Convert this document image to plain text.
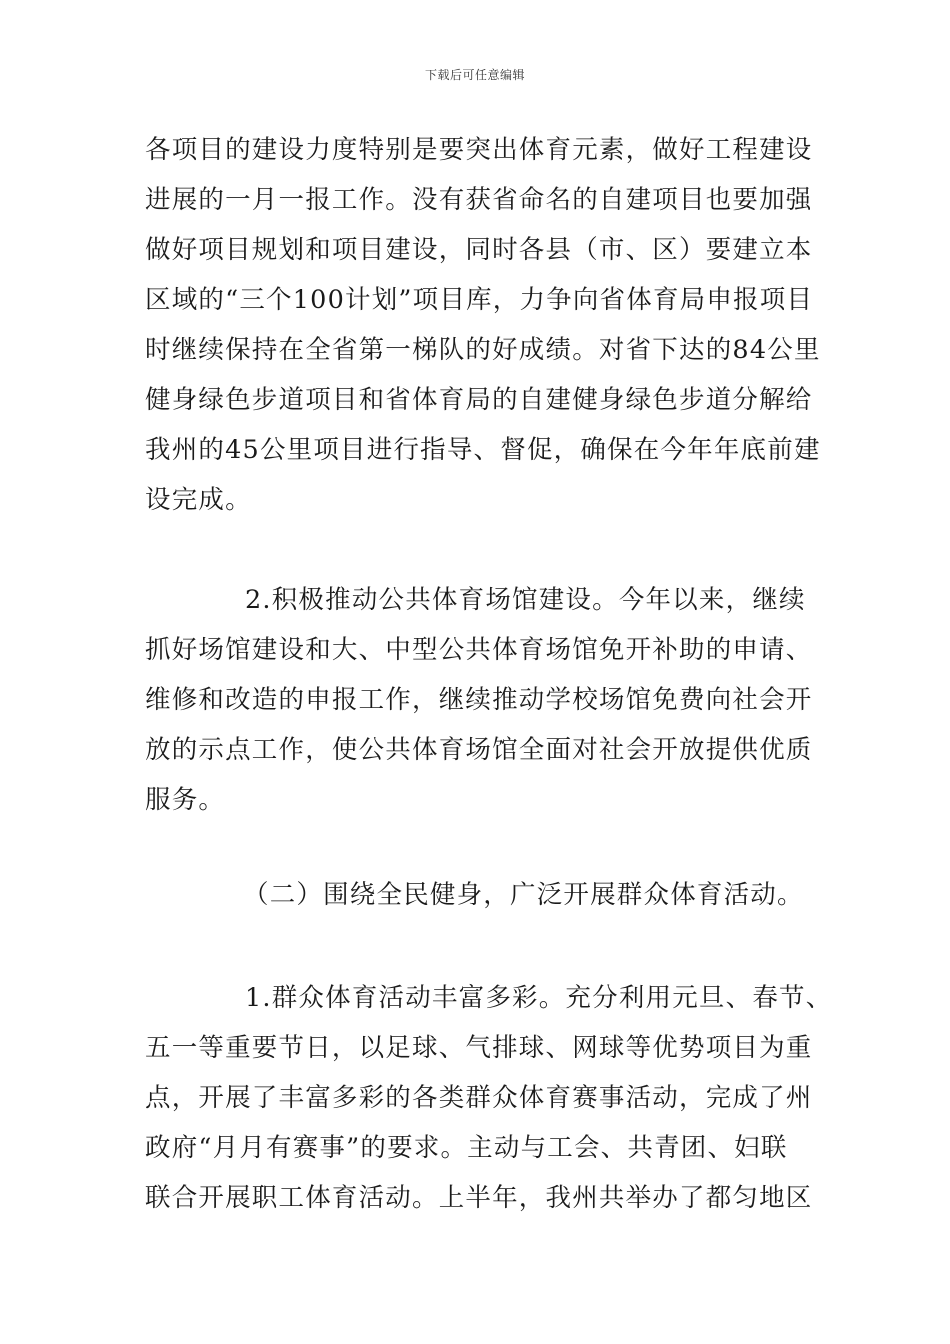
下载后可任意编辑
各项目的建设力度特别是要突出体育元素，做好工程建设
进展的一月一报工作。没有获省命名的自建项目也要加强
做好项目规划和项目建设，同时各县（市、区）要建立本
区域的“三个100计划”项目库，力争向省体育局申报项目
时继续保持在全省第一梯队的好成绩。对省下达的84公里
健身绿色步道项目和省体育局的自建健身绿色步道分解给
我州的45公里项目进行指导、督促，确保在今年年底前建
设完成。
2.积极推动公共体育场馆建设。今年以来，继续
抓好场馆建设和大、中型公共体育场馆免开补助的申请、
维修和改造的申报工作，继续推动学校场馆免费向社会开
放的示点工作，使公共体育场馆全面对社会开放提供优质
服务。
（二）围绕全民健身，广泛开展群众体育活动。
1.群众体育活动丰富多彩。充分利用元旦、春节、
五一等重要节日，以足球、气排球、网球等优势项目为重
点，开展了丰富多彩的各类群众体育赛事活动，完成了州
政府“月月有赛事”的要求。主动与工会、共青团、妇联
联合开展职工体育活动。上半年，我州共举办了都匀地区
